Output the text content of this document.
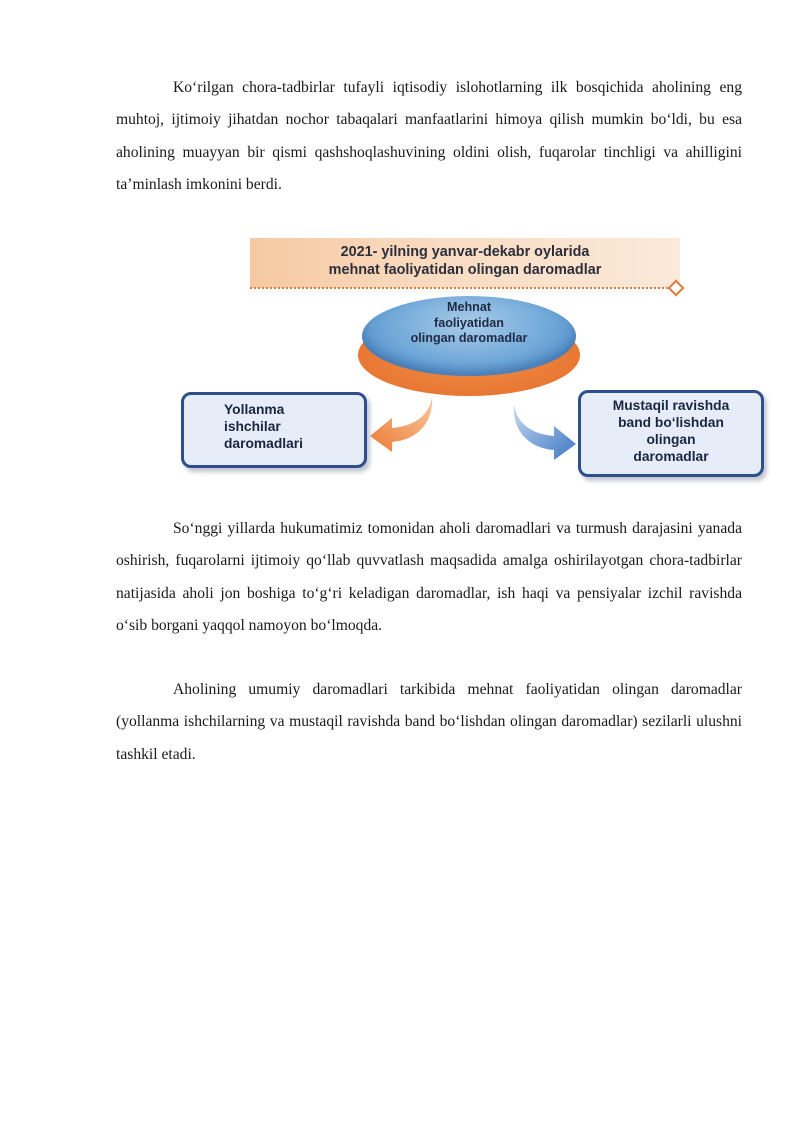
Ko‘rilgan chora-tadbirlar tufayli iqtisodiy islohotlarning ilk bosqichida aholining eng muhtoj, ijtimoiy jihatdan nochor tabaqalari manfaatlarini himoya qilish mumkin bo‘ldi, bu esa aholining muayyan bir qismi qashshoqlashuvining oldini olish, fuqarolar tinchligi va ahilligini ta’minlash imkonini berdi.

2021- yilning yanvar-dekabr oylarida
mehnat faoliyatidan olingan daromadlar
Mehnat
faoliyatidan
olingan daromadlar
Yollanma
ishchilar
daromadlari
Mustaqil ravishda
band bo‘lishdan
olingan
daromadlar

So‘nggi yillarda hukumatimiz tomonidan aholi daromadlari va turmush darajasini yanada oshirish, fuqarolarni ijtimoiy qo‘llab quvvatlash maqsadida amalga oshirilayotgan chora-tadbirlar natijasida aholi jon boshiga to‘g‘ri keladigan daromadlar, ish haqi va pensiyalar izchil ravishda o‘sib borgani yaqqol namoyon bo‘lmoqda.

Aholining umumiy daromadlari tarkibida mehnat faoliyatidan olingan daromadlar (yollanma ishchilarning va mustaqil ravishda band bo‘lishdan olingan daromadlar) sezilarli ulushni tashkil etadi.
